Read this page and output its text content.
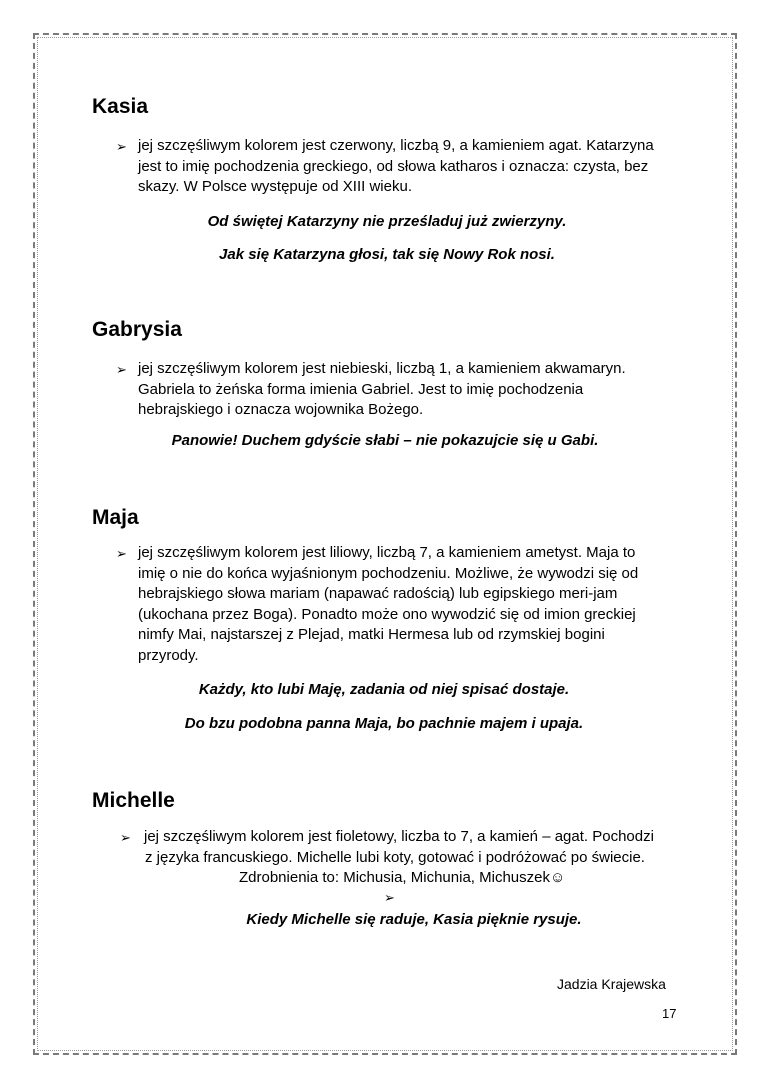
Kasia
➢ jej szczęśliwym kolorem jest czerwony, liczbą 9, a kamieniem agat. Katarzyna

jest to imię pochodzenia greckiego, od słowa katharos i oznacza: czysta, bez

skazy. W Polsce występuje od XIII wieku.

Od świętej Katarzyny nie prześladuj już zwierzyny.

Jak się Katarzyna głosi, tak się Nowy Rok nosi.

Gabrysia
➢ jej szczęśliwym kolorem jest niebieski, liczbą 1, a kamieniem akwamaryn.

Gabriela to żeńska forma imienia Gabriel. Jest to imię pochodzenia

hebrajskiego i oznacza wojownika Bożego.

Panowie! Duchem gdyście słabi – nie pokazujcie się u Gabi.

Maja
➢ jej szczęśliwym kolorem jest liliowy, liczbą 7, a kamieniem ametyst. Maja to

imię o nie do końca wyjaśnionym pochodzeniu. Możliwe, że wywodzi się od

hebrajskiego słowa mariam (napawać radością) lub egipskiego meri-jam

(ukochana przez Boga). Ponadto może ono wywodzić się od imion greckiej

nimfy Mai, najstarszej z Plejad, matki Hermesa lub od rzymskiej bogini

przyrody.

Każdy, kto lubi Maję, zadania od niej spisać dostaje.

Do bzu podobna panna Maja, bo pachnie majem i upaja.

Michelle
➢ jej szczęśliwym kolorem jest fioletowy, liczba to 7, a kamień – agat. Pochodzi

z języka francuskiego. Michelle lubi koty, gotować i podróżować po świecie.

Zdrobnienia to: Michusia, Michunia, Michuszek☺

➢

Kiedy Michelle się raduje, Kasia pięknie rysuje.

Jadzia Krajewska
17
